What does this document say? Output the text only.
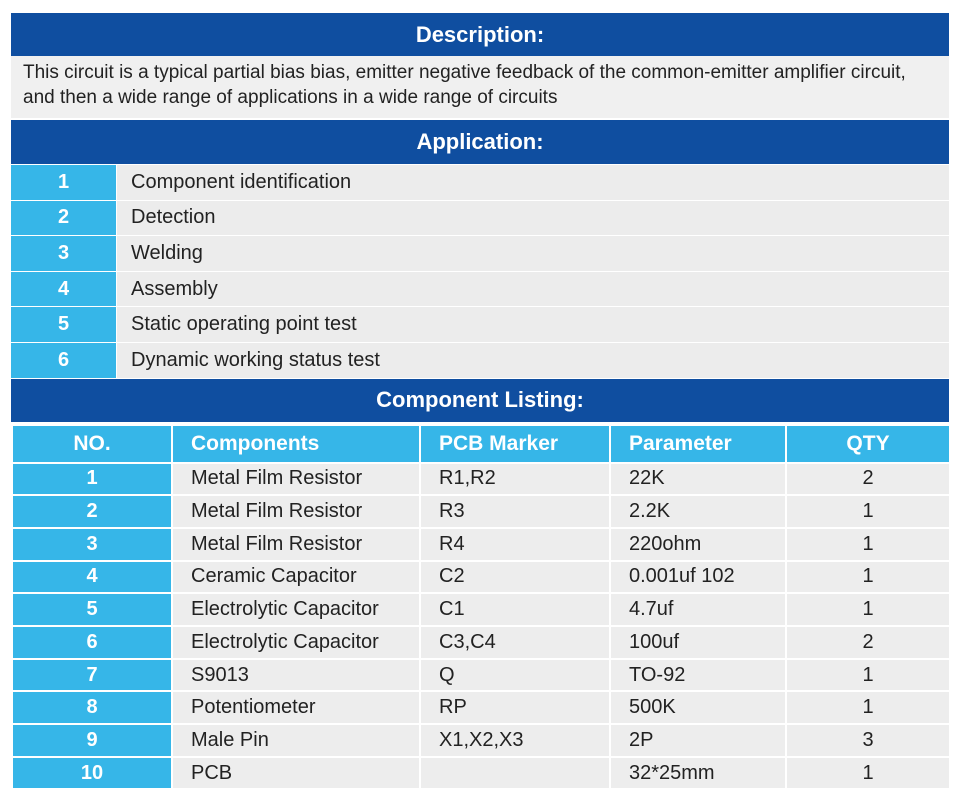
Description:
This circuit is a typical partial bias bias, emitter negative feedback of the common-emitter amplifier circuit, and then a wide range of applications in a wide range of circuits
Application:
1	Component identification
2	Detection
3	Welding
4	Assembly
5	Static operating point test
6	Dynamic working status test
Component Listing:
NO.	Components	PCB Marker	Parameter	QTY
1	Metal Film Resistor	R1,R2	22K	2
2	Metal Film Resistor	R3	2.2K	1
3	Metal Film Resistor	R4	220ohm	1
4	Ceramic Capacitor	C2	0.001uf 102	1
5	Electrolytic Capacitor	C1	4.7uf	1
6	Electrolytic Capacitor	C3,C4	100uf	2
7	S9013	Q	TO-92	1
8	Potentiometer	RP	500K	1
9	Male Pin	X1,X2,X3	2P	3
10	PCB		32*25mm	1
